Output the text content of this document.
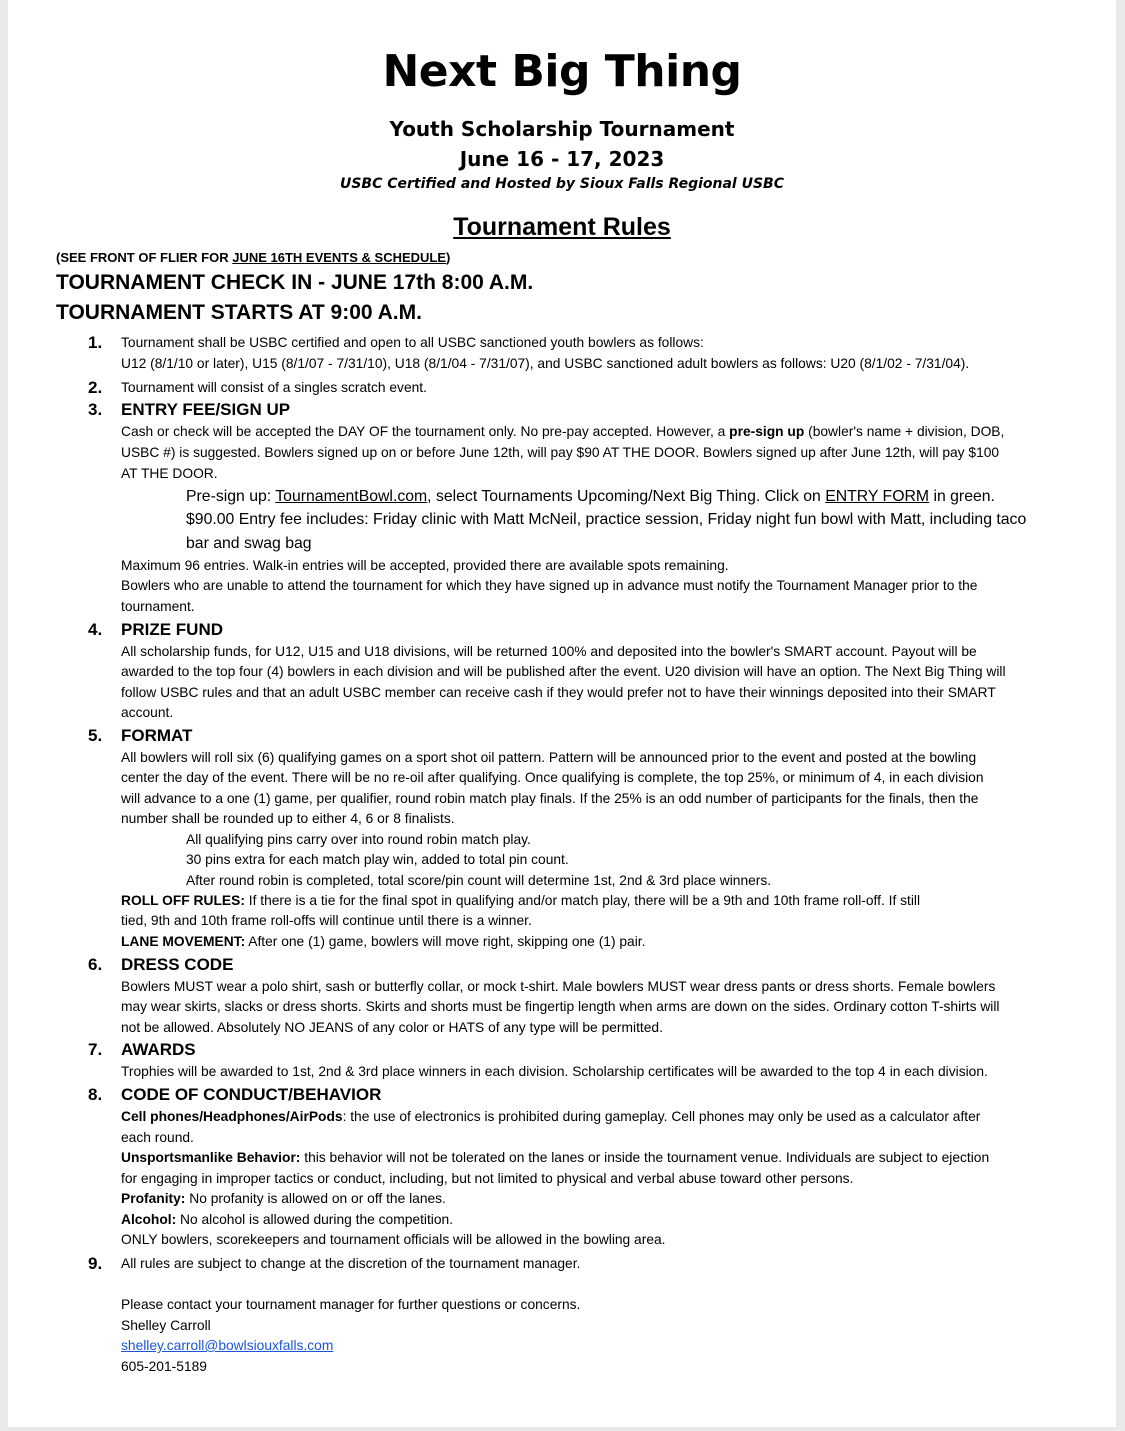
Next Big Thing
Youth Scholarship Tournament
June 16 - 17, 2023
USBC Certified and Hosted by Sioux Falls Regional USBC
Tournament Rules
(SEE FRONT OF FLIER FOR JUNE 16TH EVENTS & SCHEDULE)
TOURNAMENT CHECK IN - JUNE 17th 8:00 A.M.
TOURNAMENT STARTS AT 9:00 A.M.
1. Tournament shall be USBC certified and open to all USBC sanctioned youth bowlers as follows:
U12 (8/1/10 or later), U15 (8/1/07 - 7/31/10), U18 (8/1/04 - 7/31/07), and USBC sanctioned adult bowlers as follows: U20 (8/1/02 - 7/31/04).
2. Tournament will consist of a singles scratch event.
3. ENTRY FEE/SIGN UP
Cash or check will be accepted the DAY OF the tournament only. No pre-pay accepted. However, a pre-sign up (bowler's name + division, DOB,
USBC #) is suggested. Bowlers signed up on or before June 12th, will pay $90 AT THE DOOR. Bowlers signed up after June 12th, will pay $100
AT THE DOOR.
Pre-sign up: TournamentBowl.com, select Tournaments Upcoming/Next Big Thing. Click on ENTRY FORM in green.
$90.00 Entry fee includes: Friday clinic with Matt McNeil, practice session, Friday night fun bowl with Matt, including taco
bar and swag bag
Maximum 96 entries. Walk-in entries will be accepted, provided there are available spots remaining.
Bowlers who are unable to attend the tournament for which they have signed up in advance must notify the Tournament Manager prior to the
tournament.
4. PRIZE FUND
All scholarship funds, for U12, U15 and U18 divisions, will be returned 100% and deposited into the bowler's SMART account. Payout will be
awarded to the top four (4) bowlers in each division and will be published after the event. U20 division will have an option. The Next Big Thing will
follow USBC rules and that an adult USBC member can receive cash if they would prefer not to have their winnings deposited into their SMART
account.
5. FORMAT
All bowlers will roll six (6) qualifying games on a sport shot oil pattern. Pattern will be announced prior to the event and posted at the bowling
center the day of the event. There will be no re-oil after qualifying. Once qualifying is complete, the top 25%, or minimum of 4, in each division
will advance to a one (1) game, per qualifier, round robin match play finals. If the 25% is an odd number of participants for the finals, then the
number shall be rounded up to either 4, 6 or 8 finalists.
All qualifying pins carry over into round robin match play.
30 pins extra for each match play win, added to total pin count.
After round robin is completed, total score/pin count will determine 1st, 2nd & 3rd place winners.
ROLL OFF RULES: If there is a tie for the final spot in qualifying and/or match play, there will be a 9th and 10th frame roll-off. If still
tied, 9th and 10th frame roll-offs will continue until there is a winner.
LANE MOVEMENT: After one (1) game, bowlers will move right, skipping one (1) pair.
6. DRESS CODE
Bowlers MUST wear a polo shirt, sash or butterfly collar, or mock t-shirt. Male bowlers MUST wear dress pants or dress shorts. Female bowlers
may wear skirts, slacks or dress shorts. Skirts and shorts must be fingertip length when arms are down on the sides. Ordinary cotton T-shirts will
not be allowed. Absolutely NO JEANS of any color or HATS of any type will be permitted.
7. AWARDS
Trophies will be awarded to 1st, 2nd & 3rd place winners in each division. Scholarship certificates will be awarded to the top 4 in each division.
8. CODE OF CONDUCT/BEHAVIOR
Cell phones/Headphones/AirPods: the use of electronics is prohibited during gameplay. Cell phones may only be used as a calculator after
each round.
Unsportsmanlike Behavior: this behavior will not be tolerated on the lanes or inside the tournament venue. Individuals are subject to ejection
for engaging in improper tactics or conduct, including, but not limited to physical and verbal abuse toward other persons.
Profanity: No profanity is allowed on or off the lanes.
Alcohol: No alcohol is allowed during the competition.
ONLY bowlers, scorekeepers and tournament officials will be allowed in the bowling area.
9. All rules are subject to change at the discretion of the tournament manager.
Please contact your tournament manager for further questions or concerns.
Shelley Carroll
shelley.carroll@bowlsiouxfalls.com
605-201-5189
